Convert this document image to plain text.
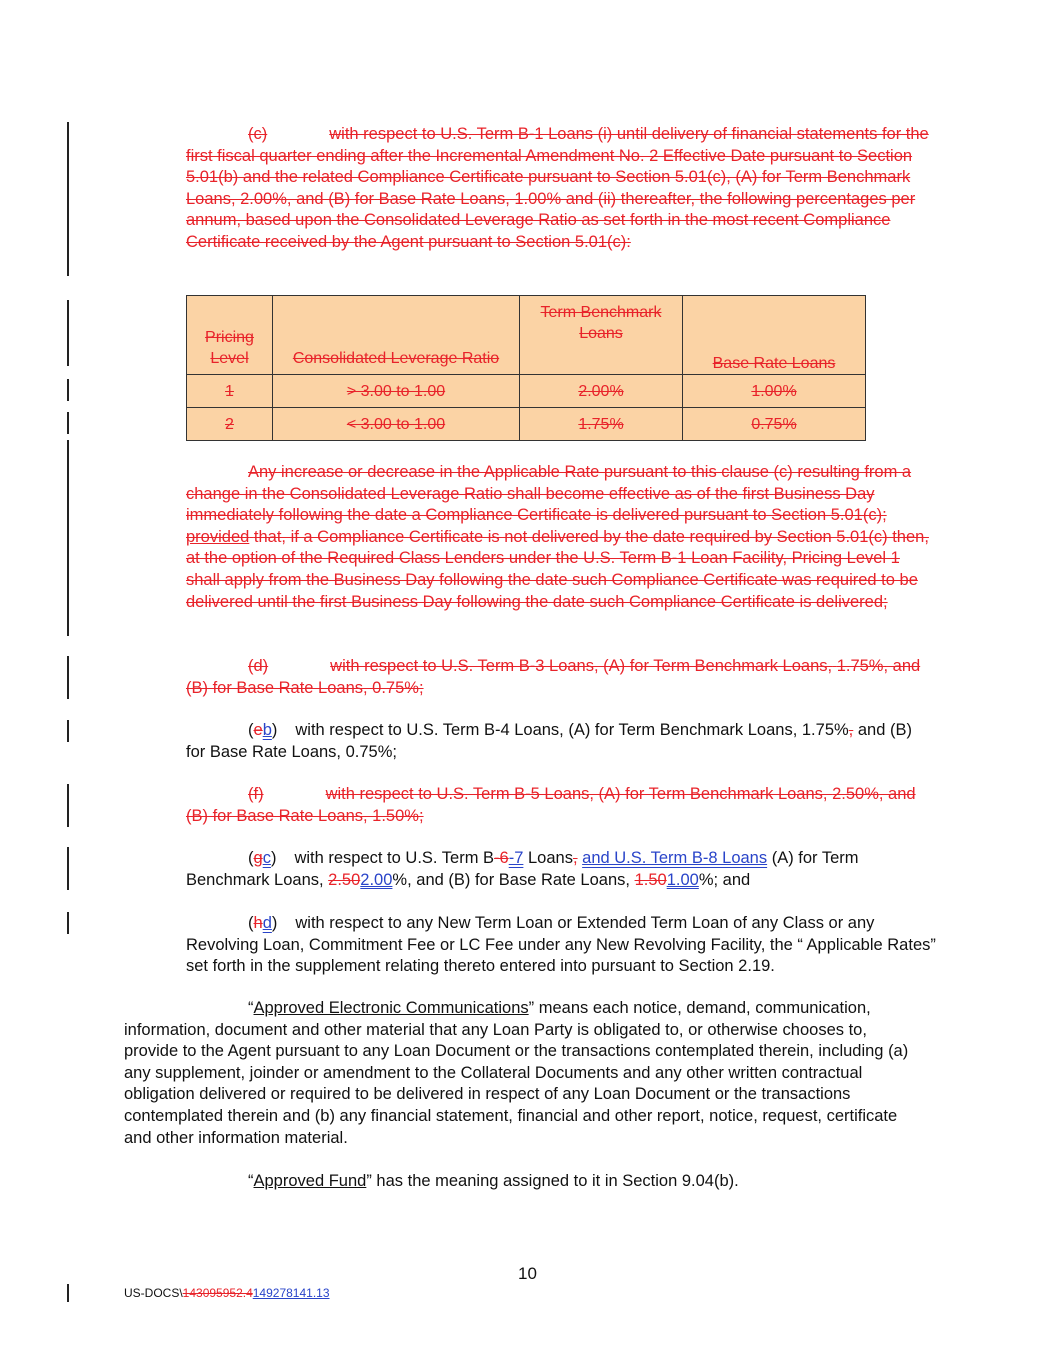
(c)	with respect to U.S. Term B-1 Loans (i) until delivery of financial statements for the first fiscal quarter ending after the Incremental Amendment No. 2 Effective Date pursuant to Section 5.01(b) and the related Compliance Certificate pursuant to Section 5.01(c), (A) for Term Benchmark Loans, 2.00%, and (B) for Base Rate Loans, 1.00% and (ii) thereafter, the following percentages per annum, based upon the Consolidated Leverage Ratio as set forth in the most recent Compliance Certificate received by the Agent pursuant to Section 5.01(c):
Pricing Level	Consolidated Leverage Ratio	Term Benchmark Loans	Base Rate Loans
1	> 3.00 to 1.00	2.00%	1.00%
2	< 3.00 to 1.00	1.75%	0.75%
Any increase or decrease in the Applicable Rate pursuant to this clause (c) resulting from a change in the Consolidated Leverage Ratio shall become effective as of the first Business Day immediately following the date a Compliance Certificate is delivered pursuant to Section 5.01(c); provided that, if a Compliance Certificate is not delivered by the date required by Section 5.01(c) then, at the option of the Required Class Lenders under the U.S. Term B-1 Loan Facility, Pricing Level 1 shall apply from the Business Day following the date such Compliance Certificate was required to be delivered until the first Business Day following the date such Compliance Certificate is delivered;
(d)	with respect to U.S. Term B-3 Loans, (A) for Term Benchmark Loans, 1.75%, and (B) for Base Rate Loans, 0.75%;
(eb) with respect to U.S. Term B-4 Loans, (A) for Term Benchmark Loans, 1.75%, and (B) for Base Rate Loans, 0.75%;
(f)	with respect to U.S. Term B-5 Loans, (A) for Term Benchmark Loans, 2.50%, and (B) for Base Rate Loans, 1.50%;
(gc) with respect to U.S. Term B-6-7 Loans, and U.S. Term B-8 Loans (A) for Term
Benchmark Loans, 2.502.00%, and (B) for Base Rate Loans, 1.501.00%; and
(hd) with respect to any New Term Loan or Extended Term Loan of any Class or any Revolving Loan, Commitment Fee or LC Fee under any New Revolving Facility, the “ Applicable Rates” set forth in the supplement relating thereto entered into pursuant to Section 2.19.
“Approved Electronic Communications” means each notice, demand, communication, information, document and other material that any Loan Party is obligated to, or otherwise chooses to, provide to the Agent pursuant to any Loan Document or the transactions contemplated therein, including (a) any supplement, joinder or amendment to the Collateral Documents and any other written contractual obligation delivered or required to be delivered in respect of any Loan Document or the transactions contemplated therein and (b) any financial statement, financial and other report, notice, request, certificate and other information material.
“Approved Fund” has the meaning assigned to it in Section 9.04(b).
10
US-DOCS\143095952.4149278141.13
